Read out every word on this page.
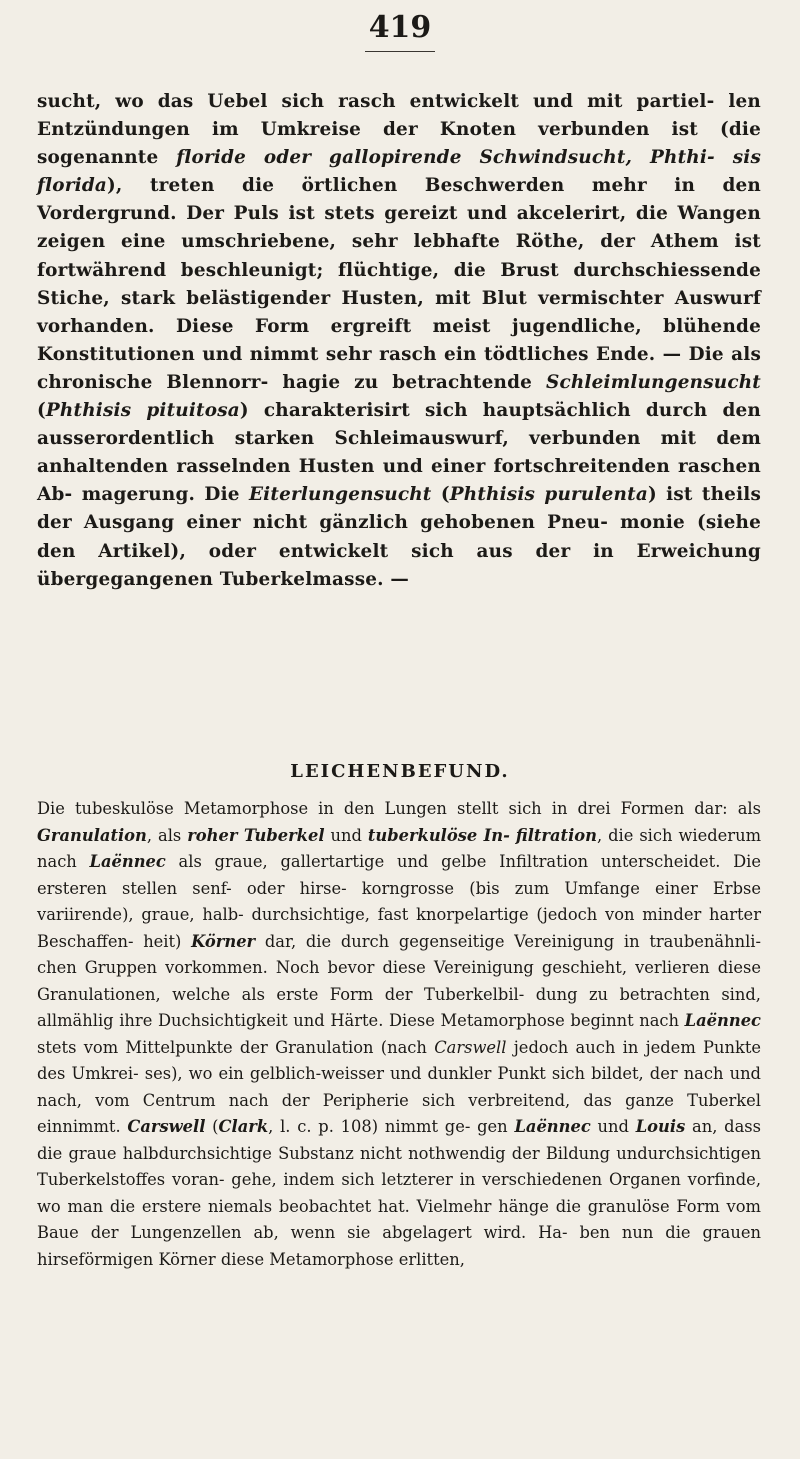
419
sucht, wo das Uebel sich rasch entwickelt und mit partiel- len Entzündungen im Umkreise der Knoten verbunden ist (die sogenannte floride oder gallopirende Schwindsucht, Phthi- sis florida), treten die örtlichen Beschwerden mehr in den Vordergrund. Der Puls ist stets gereizt und akcelerirt, die Wangen zeigen eine umschriebene, sehr lebhafte Röthe, der Athem ist fortwährend beschleunigt; flüchtige, die Brust durchschiessende Stiche, stark belästigender Husten, mit Blut vermischter Auswurf vorhanden. Diese Form ergreift meist jugendliche, blühende Konstitutionen und nimmt sehr rasch ein tödtliches Ende. — Die als chronische Blennorr- hagie zu betrachtende Schleimlungensucht (Phthisis pituitosa) charakterisirt sich hauptsächlich durch den ausserordentlich starken Schleimauswurf, verbunden mit dem anhaltenden rasselnden Husten und einer fortschreitenden raschen Ab- magerung. Die Eiterlungensucht (Phthisis purulenta) ist theils der Ausgang einer nicht gänzlich gehobenen Pneu- monie (siehe den Artikel), oder entwickelt sich aus der in Erweichung übergegangenen Tuberkelmasse. —
LEICHENBEFUND.
Die tubeskulöse Metamorphose in den Lungen stellt sich in drei Formen dar: als Granulation, als roher Tuberkel und tuberkulöse In- filtration, die sich wiederum nach Laënnec als graue, gallertartige und gelbe Infiltration unterscheidet. Die ersteren stellen senf- oder hirse- korngrosse (bis zum Umfange einer Erbse variirende), graue, halb- durchsichtige, fast knorpelartige (jedoch von minder harter Beschaffen- heit) Körner dar, die durch gegenseitige Vereinigung in traubenähnli- chen Gruppen vorkommen. Noch bevor diese Vereinigung geschieht, verlieren diese Granulationen, welche als erste Form der Tuberkelbil- dung zu betrachten sind, allmählig ihre Duchsichtigkeit und Härte. Diese Metamorphose beginnt nach Laënnec stets vom Mittelpunkte der Granulation (nach Carswell jedoch auch in jedem Punkte des Umkrei- ses), wo ein gelblich-weisser und dunkler Punkt sich bildet, der nach und nach, vom Centrum nach der Peripherie sich verbreitend, das ganze Tuberkel einnimmt. Carswell (Clark, l. c. p. 108) nimmt ge- gen Laënnec und Louis an, dass die graue halbdurchsichtige Substanz nicht nothwendig der Bildung undurchsichtigen Tuberkelstoffes voran- gehe, indem sich letzterer in verschiedenen Organen vorfinde, wo man die erstere niemals beobachtet hat. Vielmehr hänge die granulöse Form vom Baue der Lungenzellen ab, wenn sie abgelagert wird. Ha- ben nun die grauen hirseförmigen Körner diese Metamorphose erlitten,
